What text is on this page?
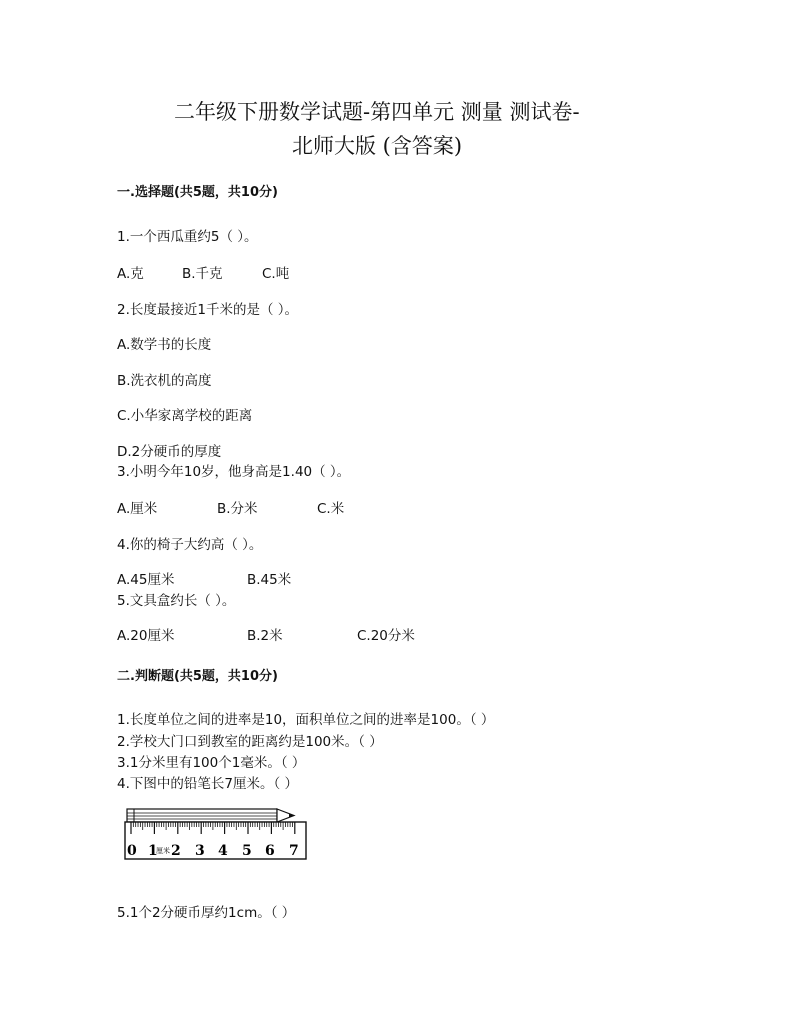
二年级下册数学试题-第四单元 测量 测试卷-
北师大版 (含答案)
一.选择题(共5题，共10分)
1.一个西瓜重约5（ ）。
A.克	B.千克	C.吨
2.长度最接近1千米的是（ ）。
A.数学书的长度
B.洗衣机的高度
C.小华家离学校的距离
D.2分硬币的厚度
3.小明今年10岁，他身高是1.40（ ）。
A.厘米	B.分米	C.米
4.你的椅子大约高（ ）。
A.45厘米	B.45米
5.文具盒约长（ ）。
A.20厘米	B.2米	C.20分米
二.判断题(共5题，共10分)
1.长度单位之间的进率是10，面积单位之间的进率是100。（ ）
2.学校大门口到教室的距离约是100米。（ ）
3.1分米里有100个1毫米。（ ）
4.下图中的铅笔长7厘米。（ ）
5.1个2分硬币厚约1cm。（ ）
0 1
厘米 2 3 4 5 6 7
